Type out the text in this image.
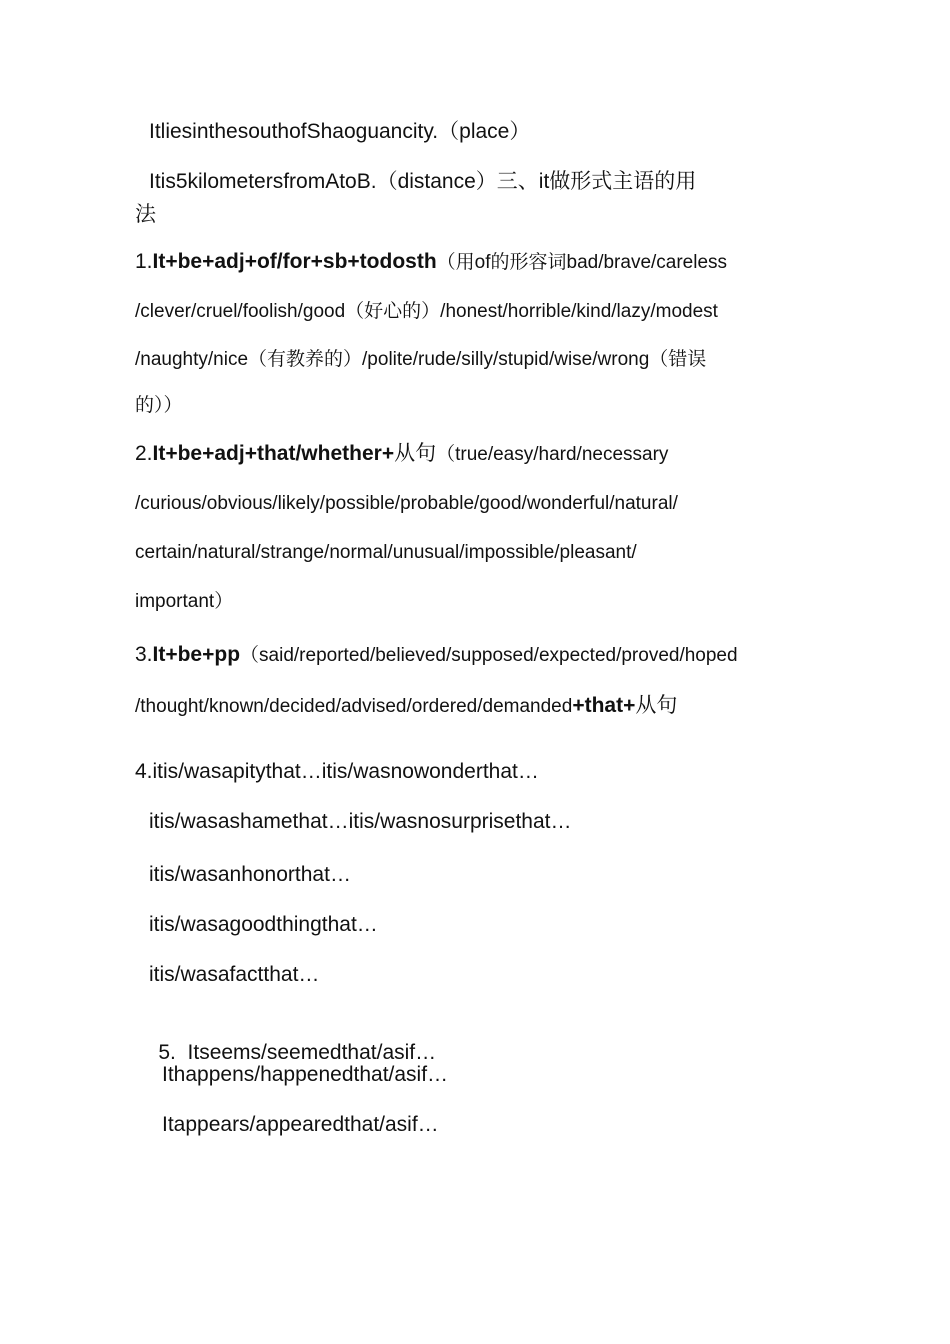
ItliesinthesouthofShaoguancity.（place）
Itis5kilometersfromAtoB.（distance）三、it做形式主语的用
法
1.It+be+adj+of/for+sb+todosth（用of的形容词bad/brave/careless
/clever/cruel/foolish/good（好心的）/honest/horrible/kind/lazy/modest
/naughty/nice（有教养的）/polite/rude/silly/stupid/wise/wrong（错误
的））
2.It+be+adj+that/whether+从句（true/easy/hard/necessary
/curious/obvious/likely/possible/probable/good/wonderful/natural/
certain/natural/strange/normal/unusual/impossible/pleasant/
important）
3.It+be+pp（said/reported/believed/supposed/expected/proved/hoped
/thought/known/decided/advised/ordered/demanded+that+从句
4.itis/wasapitythat…itis/wasnowonderthat…
itis/wasashamethat…itis/wasnosurprisethat…
itis/wasanhonorthat…
itis/wasagoodthingthat…
itis/wasafactthat…

5.  Itseems/seemedthat/asif…

Ithappens/happenedthat/asif…
Itappears/appearedthat/asif…
